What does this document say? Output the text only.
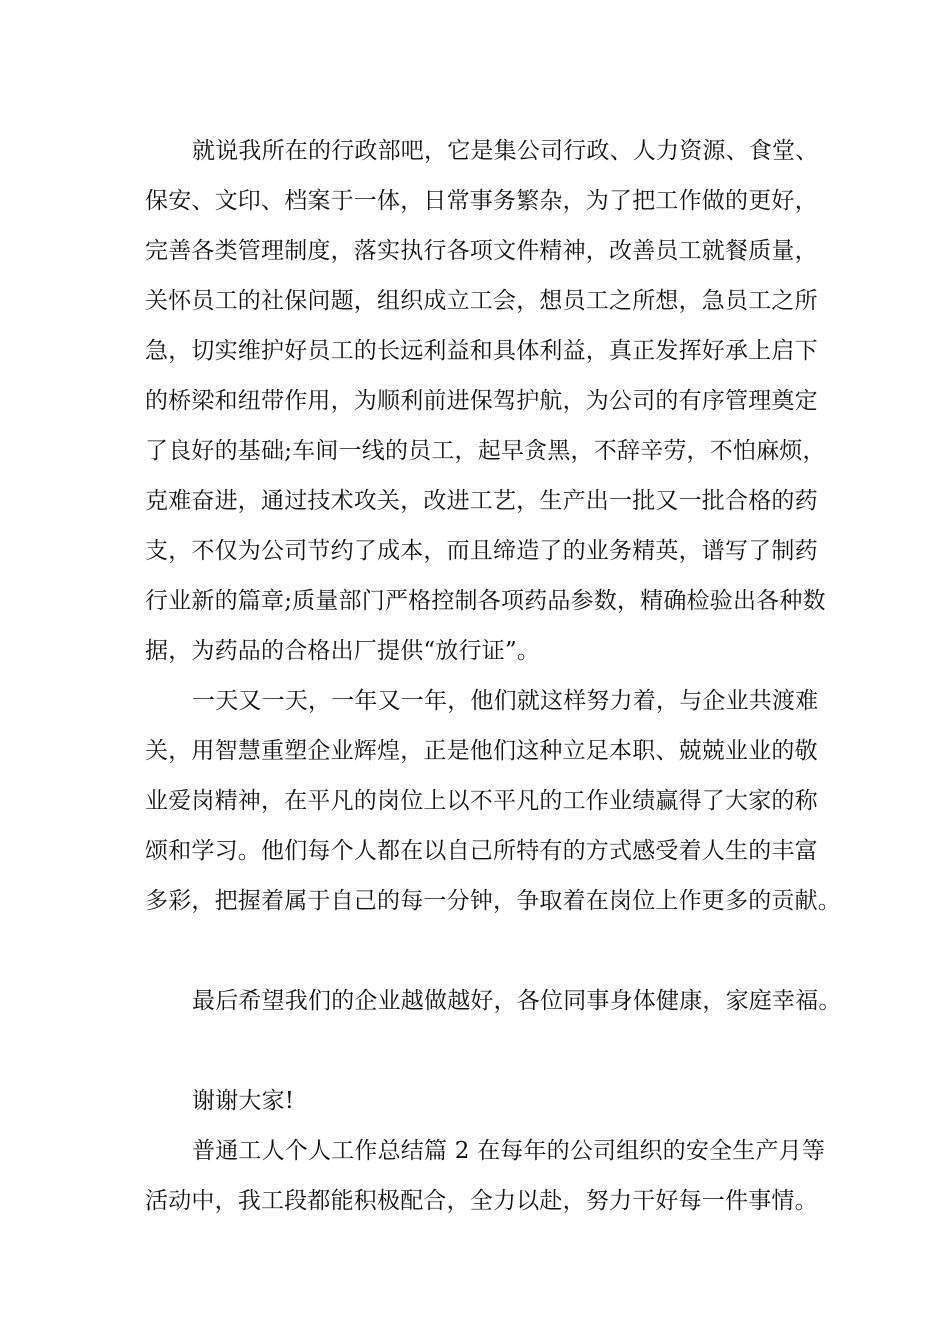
就说我所在的行政部吧，它是集公司行政、人力资源、食堂、
保安、文印、档案于一体，日常事务繁杂，为了把工作做的更好，
完善各类管理制度，落实执行各项文件精神，改善员工就餐质量，
关怀员工的社保问题，组织成立工会，想员工之所想，急员工之所
急，切实维护好员工的长远利益和具体利益，真正发挥好承上启下
的桥梁和纽带作用，为顺利前进保驾护航，为公司的有序管理奠定
了良好的基础;车间一线的员工，起早贪黑，不辞辛劳，不怕麻烦，
克难奋进，通过技术攻关，改进工艺，生产出一批又一批合格的药
支，不仅为公司节约了成本，而且缔造了的业务精英，谱写了制药
行业新的篇章;质量部门严格控制各项药品参数，精确检验出各种数
据，为药品的合格出厂提供“放行证”。
一天又一天，一年又一年，他们就这样努力着，与企业共渡难
关，用智慧重塑企业辉煌，正是他们这种立足本职、兢兢业业的敬
业爱岗精神，在平凡的岗位上以不平凡的工作业绩赢得了大家的称
颂和学习。他们每个人都在以自己所特有的方式感受着人生的丰富
多彩，把握着属于自己的每一分钟，争取着在岗位上作更多的贡献。
最后希望我们的企业越做越好，各位同事身体健康，家庭幸福。
谢谢大家!
普通工人个人工作总结篇 2 在每年的公司组织的安全生产月等
活动中，我工段都能积极配合，全力以赴，努力干好每一件事情。
